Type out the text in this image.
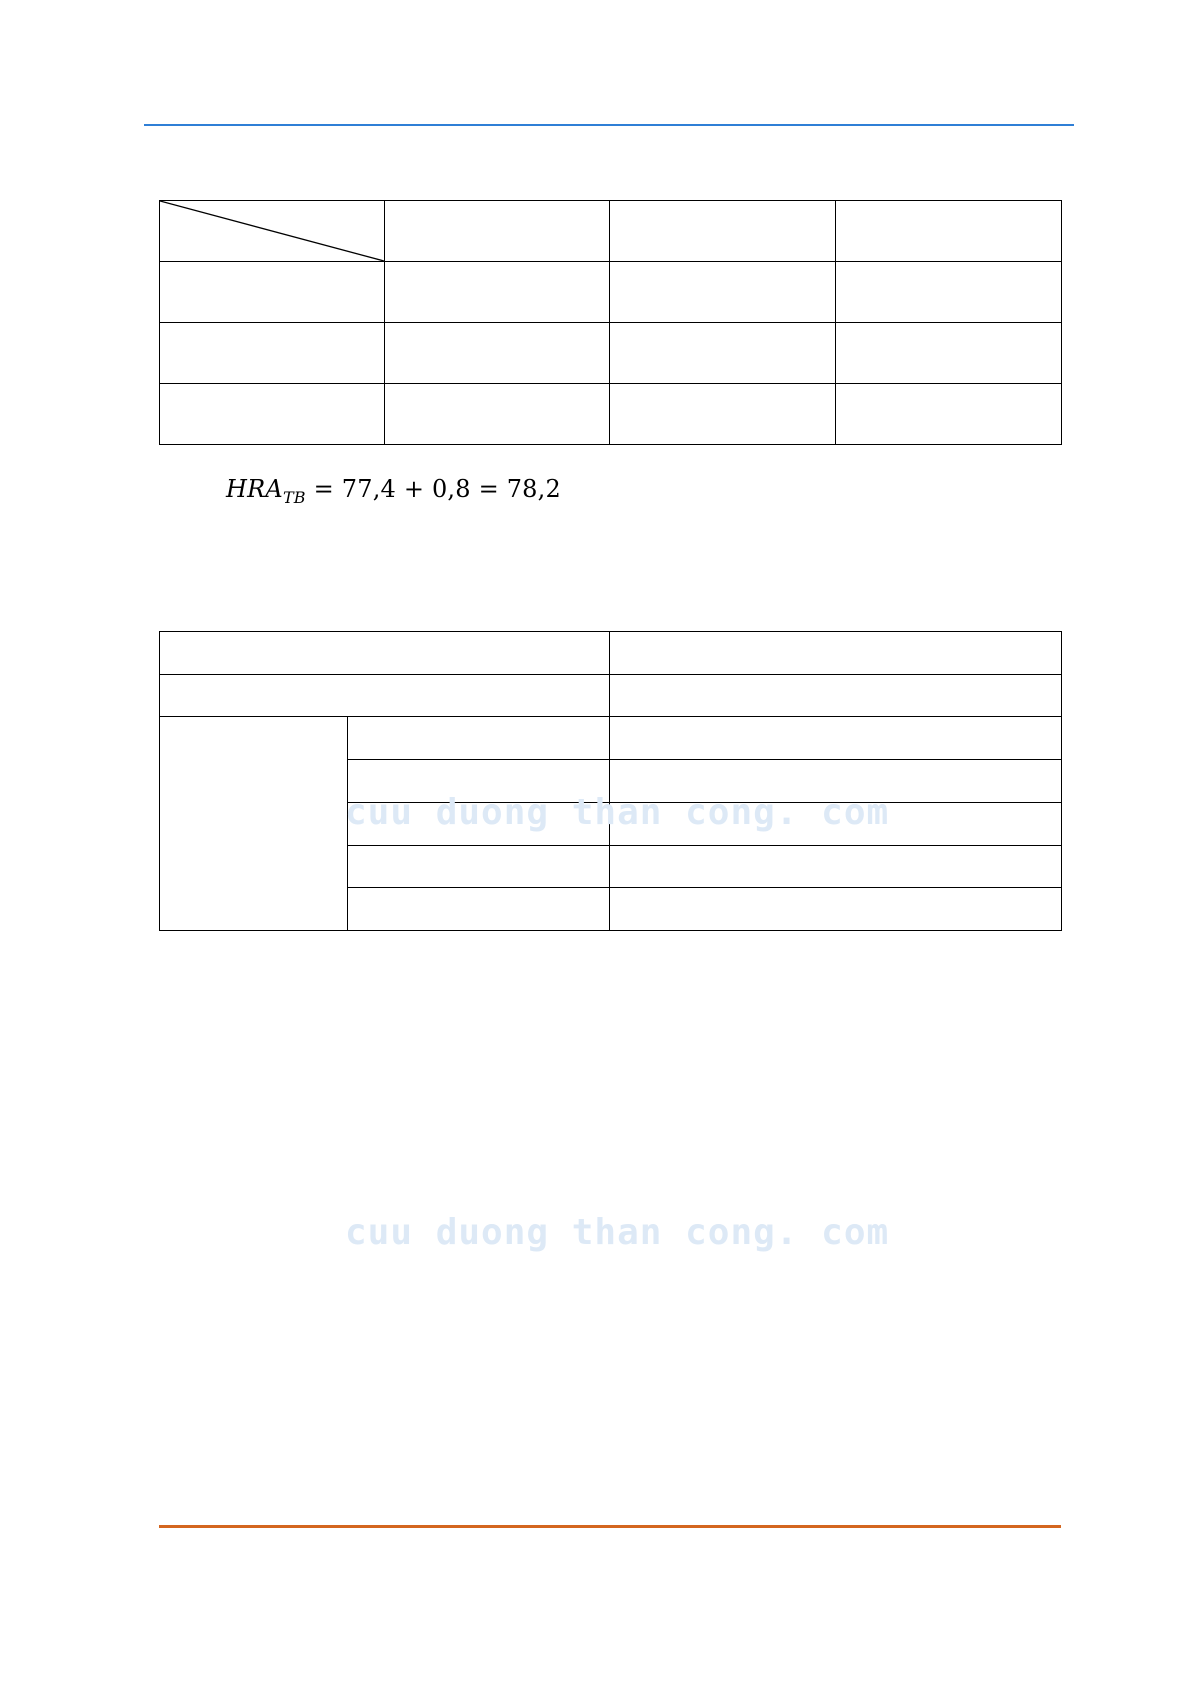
$HRA_{TB} = 77,4 + 0,8 = 78,2$

cuu duong than cong. com
cuu duong than cong. com
